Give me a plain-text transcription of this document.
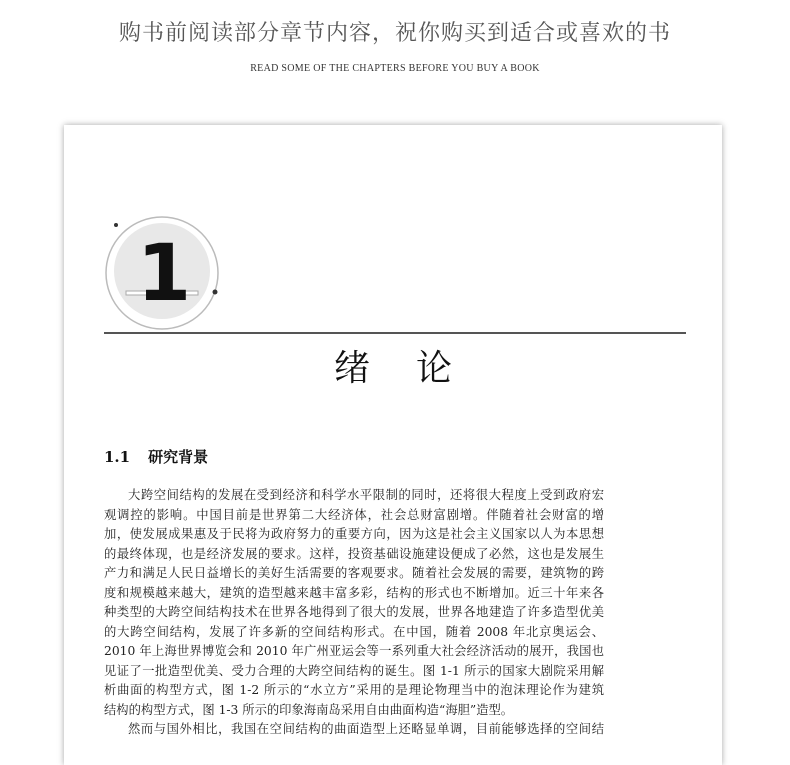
购书前阅读部分章节内容，祝你购买到适合或喜欢的书
READ SOME OF THE CHAPTERS BEFORE YOU BUY A BOOK
1
绪论
1.1 研究背景
大跨空间结构的发展在受到经济和科学水平限制的同时，还将很大程度上受到政府宏
观调控的影响。中国目前是世界第二大经济体，社会总财富剧增。伴随着社会财富的增
加，使发展成果惠及于民将为政府努力的重要方向，因为这是社会主义国家以人为本思想
的最终体现，也是经济发展的要求。这样，投资基础设施建设便成了必然，这也是发展生
产力和满足人民日益增长的美好生活需要的客观要求。随着社会发展的需要，建筑物的跨
度和规模越来越大，建筑的造型越来越丰富多彩，结构的形式也不断增加。近三十年来各
种类型的大跨空间结构技术在世界各地得到了很大的发展，世界各地建造了许多造型优美
的大跨空间结构，发展了许多新的空间结构形式。在中国，随着 2008 年北京奥运会、
2010 年上海世界博览会和 2010 年广州亚运会等一系列重大社会经济活动的展开，我国也
见证了一批造型优美、受力合理的大跨空间结构的诞生。图 1-1 所示的国家大剧院采用解
析曲面的构型方式，图 1-2 所示的“水立方”采用的是理论物理当中的泡沫理论作为建筑
结构的构型方式，图 1-3 所示的印象海南岛采用自由曲面构造“海胆”造型。
然而与国外相比，我国在空间结构的曲面造型上还略显单调，目前能够选择的空间结
